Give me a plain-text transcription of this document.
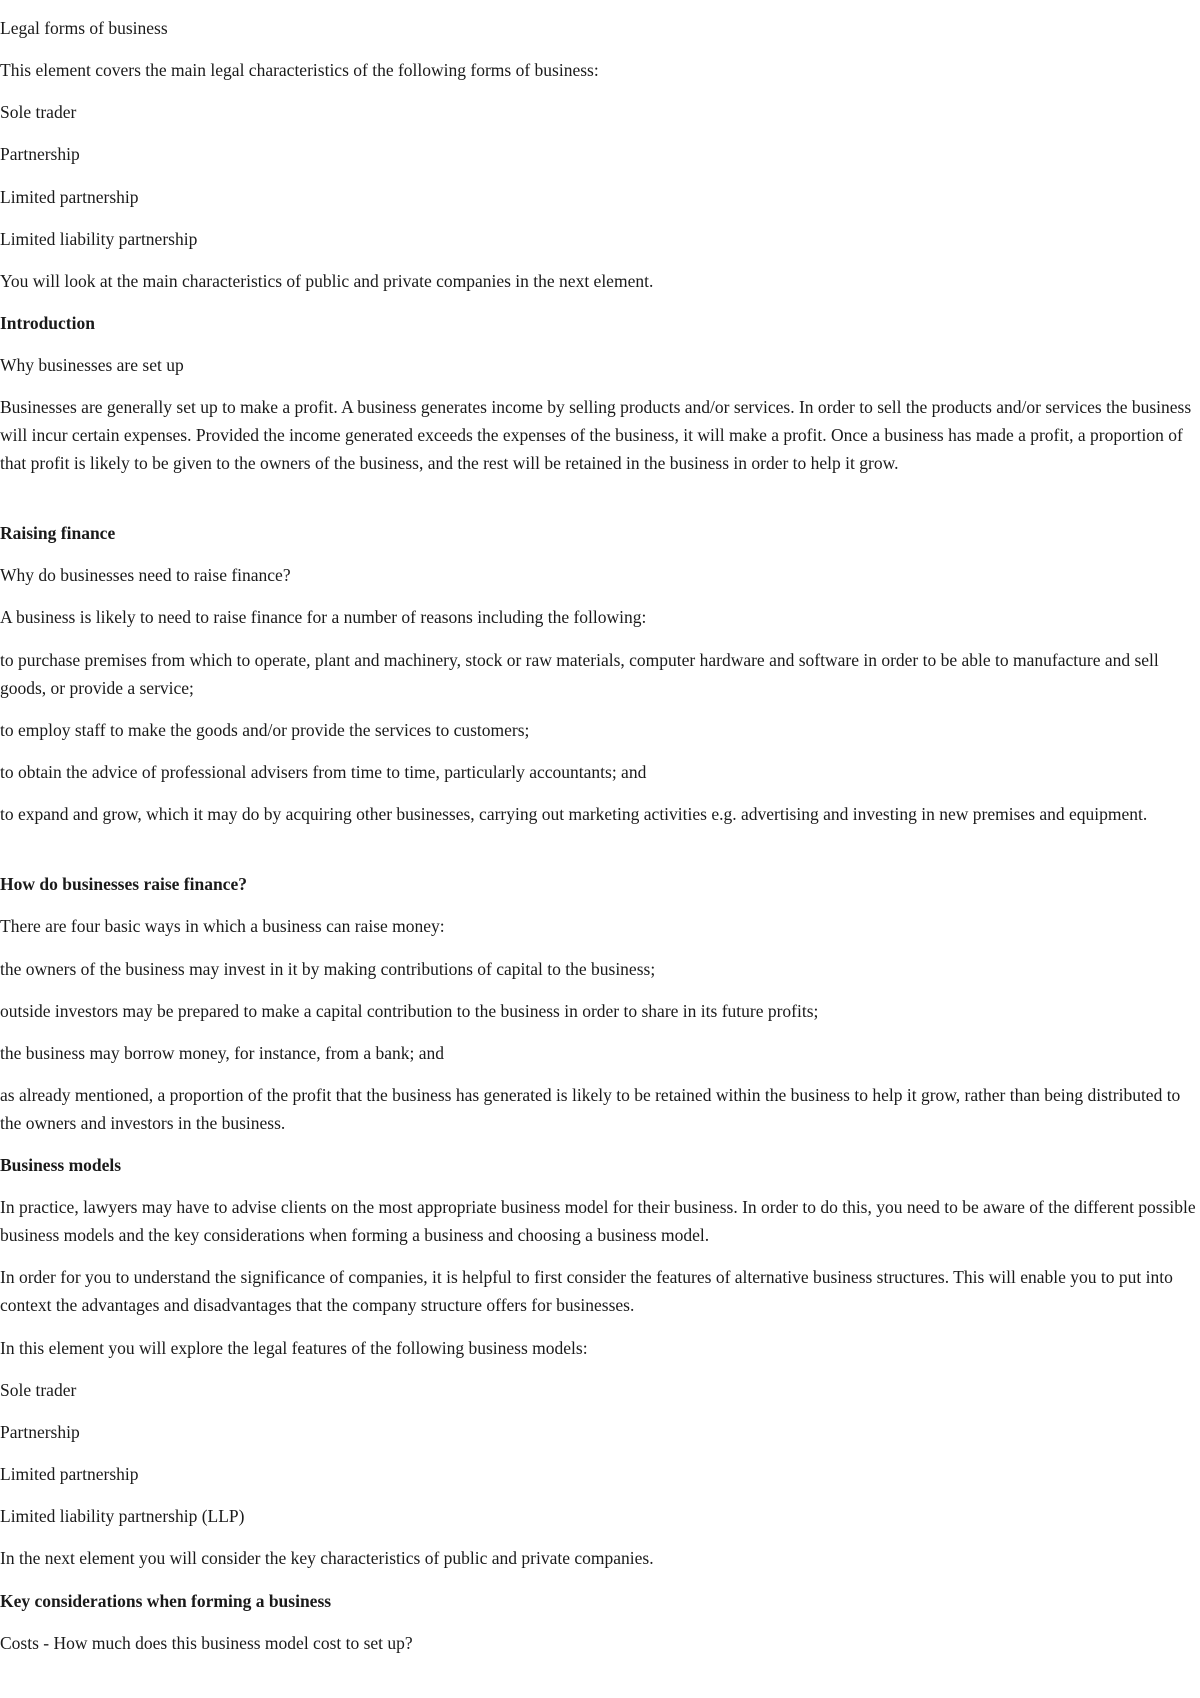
Legal forms of business

This element covers the main legal characteristics of the following forms of business:

Sole trader

Partnership

Limited partnership

Limited liability partnership

You will look at the main characteristics of public and private companies in the next element.

Introduction

Why businesses are set up

Businesses are generally set up to make a profit. A business generates income by selling products and/or services. In order to sell the products and/or services the business will incur certain expenses. Provided the income generated exceeds the expenses of the business, it will make a profit. Once a business has made a profit, a proportion of that profit is likely to be given to the owners of the business, and the rest will be retained in the business in order to help it grow.

Raising finance

Why do businesses need to raise finance?

A business is likely to need to raise finance for a number of reasons including the following:

to purchase premises from which to operate, plant and machinery, stock or raw materials, computer hardware and software in order to be able to manufacture and sell goods, or provide a service;

to employ staff to make the goods and/or provide the services to customers;

to obtain the advice of professional advisers from time to time, particularly accountants; and

to expand and grow, which it may do by acquiring other businesses, carrying out marketing activities e.g. advertising and investing in new premises and equipment.

How do businesses raise finance?

There are four basic ways in which a business can raise money:

the owners of the business may invest in it by making contributions of capital to the business;

outside investors may be prepared to make a capital contribution to the business in order to share in its future profits;

the business may borrow money, for instance, from a bank; and

as already mentioned, a proportion of the profit that the business has generated is likely to be retained within the business to help it grow, rather than being distributed to the owners and investors in the business.

Business models

In practice, lawyers may have to advise clients on the most appropriate business model for their business. In order to do this, you need to be aware of the different possible business models and the key considerations when forming a business and choosing a business model.

In order for you to understand the significance of companies, it is helpful to first consider the features of alternative business structures. This will enable you to put into context the advantages and disadvantages that the company structure offers for businesses.

In this element you will explore the legal features of the following business models:

Sole trader

Partnership

Limited partnership

Limited liability partnership (LLP)

In the next element you will consider the key characteristics of public and private companies.

Key considerations when forming a business

Costs - How much does this business model cost to set up?
